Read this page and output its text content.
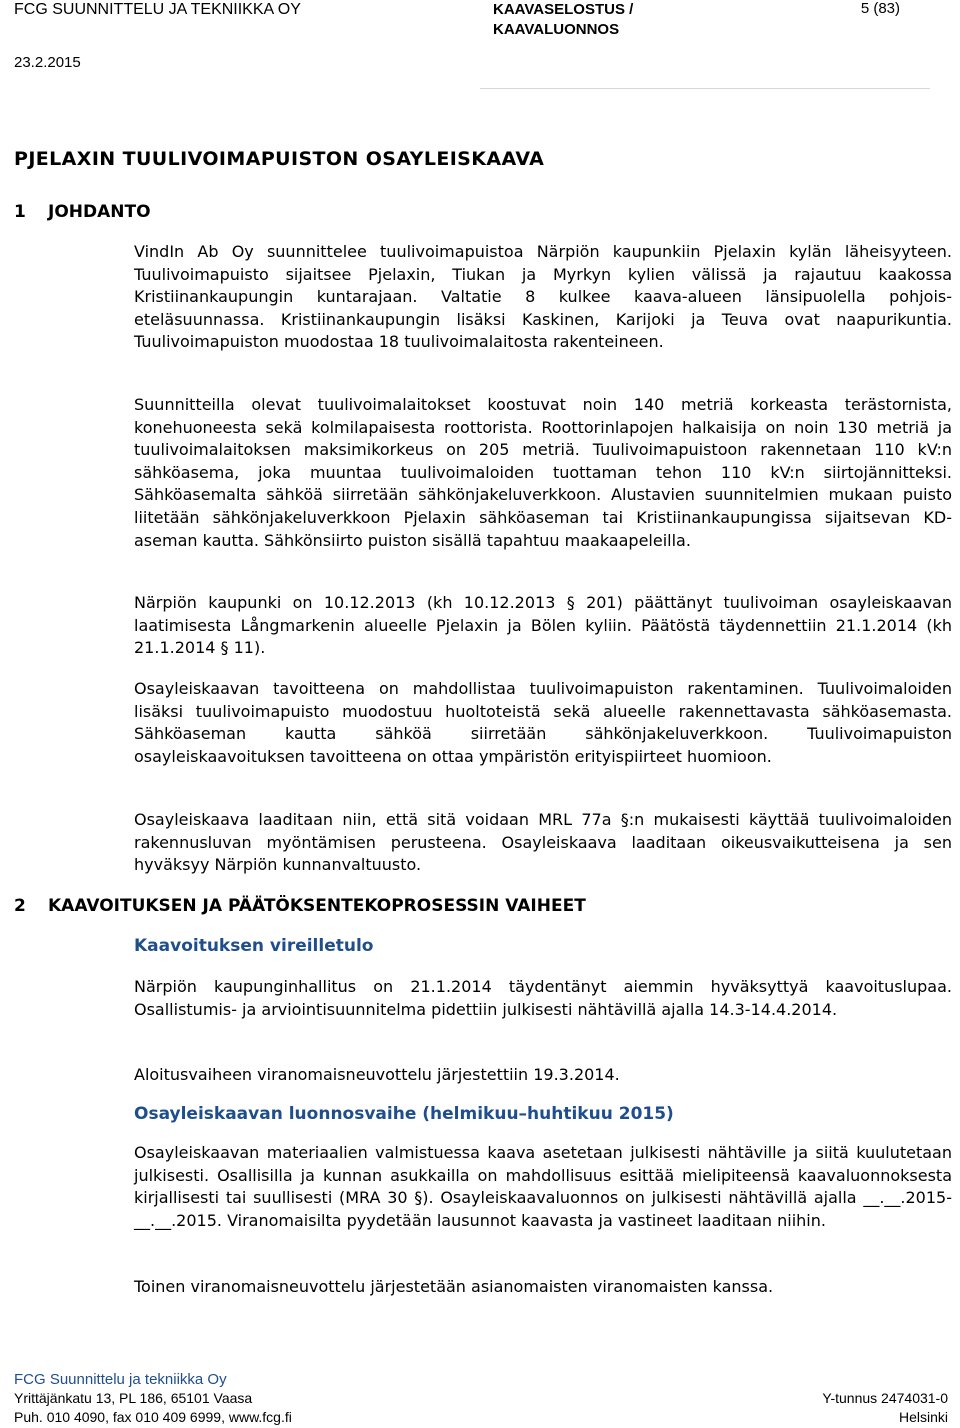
FCG SUUNNITTELU JA TEKNIIKKA OY
23.2.2015
KAAVASELOSTUS /
KAAVALUONNOS
5 (83)
PJELAXIN TUULIVOIMAPUISTON OSAYLEISKAAVA
1 JOHDANTO
VindIn Ab Oy suunnittelee tuulivoimapuistoa Närpiön kaupunkiin Pjelaxin kylän läheisyyteen. Tuulivoimapuisto sijaitsee Pjelaxin, Tiukan ja Myrkyn kylien välissä ja rajautuu kaakossa Kristiinankaupungin kuntarajaan. Valtatie 8 kulkee kaava-alueen länsipuolella pohjois-eteläsuunnassa. Kristiinankaupungin lisäksi Kaskinen, Karijoki ja Teuva ovat naapurikuntia. Tuulivoimapuiston muodostaa 18 tuulivoimalaitosta rakenteineen.
Suunnitteilla olevat tuulivoimalaitokset koostuvat noin 140 metriä korkeasta terästornista, konehuoneesta sekä kolmilapaisesta roottorista. Roottorinlapojen halkaisija on noin 130 metriä ja tuulivoimalaitoksen maksimikorkeus on 205 metriä. Tuulivoimapuistoon rakennetaan 110 kV:n sähköasema, joka muuntaa tuulivoimaloiden tuottaman tehon 110 kV:n siirtojännitteksi. Sähköasemalta sähköä siirretään sähkönjakeluverkkoon. Alustavien suunnitelmien mukaan puisto liitetään sähkönjakeluverkkoon Pjelaxin sähköaseman tai Kristiinankaupungissa sijaitsevan KD-aseman kautta. Sähkönsiirto puiston sisällä tapahtuu maakaapeleilla.
Närpiön kaupunki on 10.12.2013 (kh 10.12.2013 § 201) päättänyt tuulivoiman osayleiskaavan laatimisesta Långmarkenin alueelle Pjelaxin ja Bölen kyliin. Päätöstä täydennettiin 21.1.2014 (kh 21.1.2014 § 11).
Osayleiskaavan tavoitteena on mahdollistaa tuulivoimapuiston rakentaminen. Tuulivoimaloiden lisäksi tuulivoimapuisto muodostuu huoltoteistä sekä alueelle rakennettavasta sähköasemasta. Sähköaseman kautta sähköä siirretään sähkönjakeluverkkoon. Tuulivoimapuiston osayleiskaavoituksen tavoitteena on ottaa ympäristön erityispiirteet huomioon.
Osayleiskaava laaditaan niin, että sitä voidaan MRL 77a §:n mukaisesti käyttää tuulivoimaloiden rakennusluvan myöntämisen perusteena. Osayleiskaava laaditaan oikeusvaikutteisena ja sen hyväksyy Närpiön kunnanvaltuusto.
2 KAAVOITUKSEN JA PÄÄTÖKSENTEKOPROSESSIN VAIHEET
Kaavoituksen vireilletulo
Närpiön kaupunginhallitus on 21.1.2014 täydentänyt aiemmin hyväksyttyä kaavoituslupaa. Osallistumis- ja arviointisuunnitelma pidettiin julkisesti nähtävillä ajalla 14.3-14.4.2014.
Aloitusvaiheen viranomaisneuvottelu järjestettiin 19.3.2014.
Osayleiskaavan luonnosvaihe (helmikuu–huhtikuu 2015)
Osayleiskaavan materiaalien valmistuessa kaava asetetaan julkisesti nähtäville ja siitä kuulutetaan julkisesti. Osallisilla ja kunnan asukkailla on mahdollisuus esittää mielipiteensä kaavaluonnoksesta kirjallisesti tai suullisesti (MRA 30 §). Osayleiskaavaluonnos on julkisesti nähtävillä ajalla __.__.2015-__.__.2015. Viranomaisilta pyydetään lausunnot kaavasta ja vastineet laaditaan niihin.
Toinen viranomaisneuvottelu järjestetään asianomaisten viranomaisten kanssa.
FCG Suunnittelu ja tekniikka Oy
Yrittäjänkatu 13, PL 186, 65101 Vaasa	Y-tunnus 2474031-0
Puh. 010 4090, fax 010 409 6999, www.fcg.fi	Helsinki
